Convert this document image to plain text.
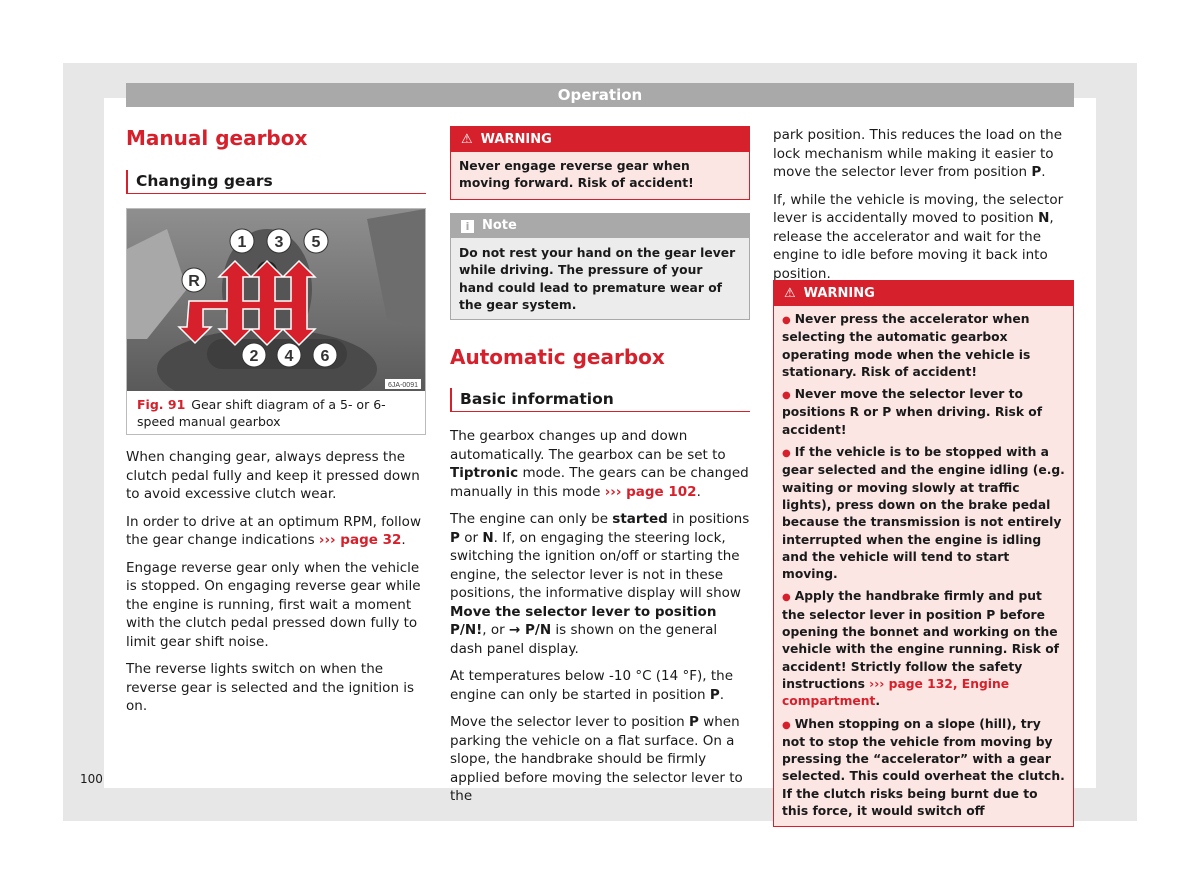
Operation
100
Manual gearbox
Changing gears
1 3 5
R
2 4 6
6JA-0091
Fig. 91 Gear shift diagram of a 5- or 6-speed manual gearbox

When changing gear, always depress the clutch pedal fully and keep it pressed down to avoid excessive clutch wear.

In order to drive at an optimum RPM, follow the gear change indications ››› page 32.

Engage reverse gear only when the vehicle is stopped. On engaging reverse gear while the engine is running, first wait a moment with the clutch pedal pressed down fully to limit gear shift noise.

The reverse lights switch on when the reverse gear is selected and the ignition is on.

⚠ WARNING
Never engage reverse gear when moving forward. Risk of accident!
i Note
Do not rest your hand on the gear lever while driving. The pressure of your hand could lead to premature wear of the gear system.
Automatic gearbox
Basic information

The gearbox changes up and down automatically. The gearbox can be set to Tiptronic mode. The gears can be changed manually in this mode ››› page 102.

The engine can only be started in positions P or N. If, on engaging the steering lock, switching the ignition on/off or starting the engine, the selector lever is not in these positions, the informative display will show Move the selector lever to position P/N!, or → P/N is shown on the general dash panel display.

At temperatures below -10 °C (14 °F), the engine can only be started in position P.

Move the selector lever to position P when parking the vehicle on a flat surface. On a slope, the handbrake should be firmly applied before moving the selector lever to the

park position. This reduces the load on the lock mechanism while making it easier to move the selector lever from position P.

If, while the vehicle is moving, the selector lever is accidentally moved to position N, release the accelerator and wait for the engine to idle before moving it back into position.

⚠ WARNING
● Never press the accelerator when selecting the automatic gearbox operating mode when the vehicle is stationary. Risk of accident!
● Never move the selector lever to positions R or P when driving. Risk of accident!
● If the vehicle is to be stopped with a gear selected and the engine idling (e.g. waiting or moving slowly at traffic lights), press down on the brake pedal because the transmission is not entirely interrupted when the engine is idling and the vehicle will tend to start moving.
● Apply the handbrake firmly and put the selector lever in position P before opening the bonnet and working on the vehicle with the engine running. Risk of accident! Strictly follow the safety instructions ››› page 132, Engine compartment.
● When stopping on a slope (hill), try not to stop the vehicle from moving by pressing the “accelerator” with a gear selected. This could overheat the clutch. If the clutch risks being burnt due to this force, it would switch off
